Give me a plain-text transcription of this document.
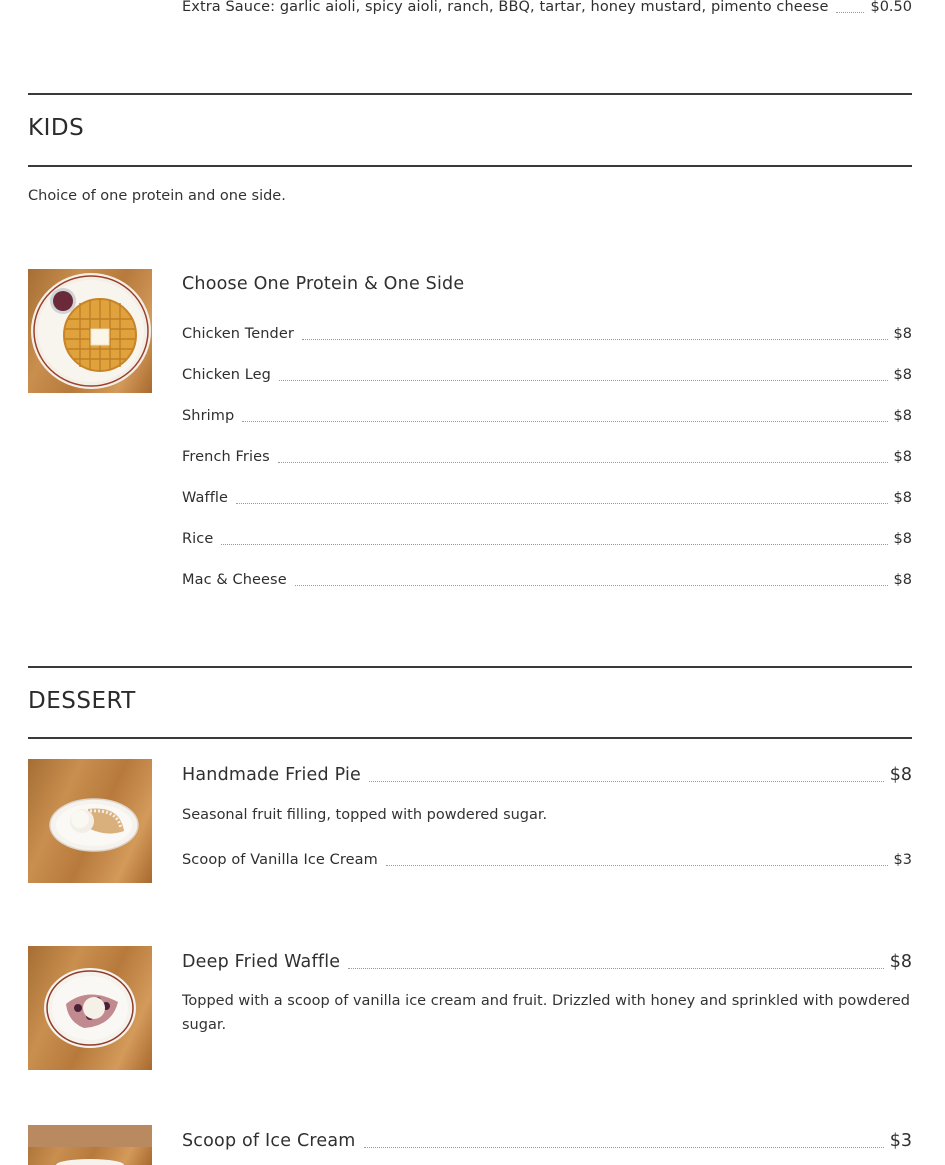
Extra Sauce: garlic aioli, spicy aioli, ranch, BBQ, tartar, honey mustard, pimento cheese	$0.50
KIDS
Choice of one protein and one side.
Choose One Protein & One Side
Chicken Tender	$8
Chicken Leg	$8
Shrimp	$8
French Fries	$8
Waffle	$8
Rice	$8
Mac & Cheese	$8
DESSERT
Handmade Fried Pie	$8
Seasonal fruit filling, topped with powdered sugar.
Scoop of Vanilla Ice Cream	$3
Deep Fried Waffle	$8
Topped with a scoop of vanilla ice cream and fruit. Drizzled with honey and sprinkled with powdered sugar.
Scoop of Ice Cream	$3
